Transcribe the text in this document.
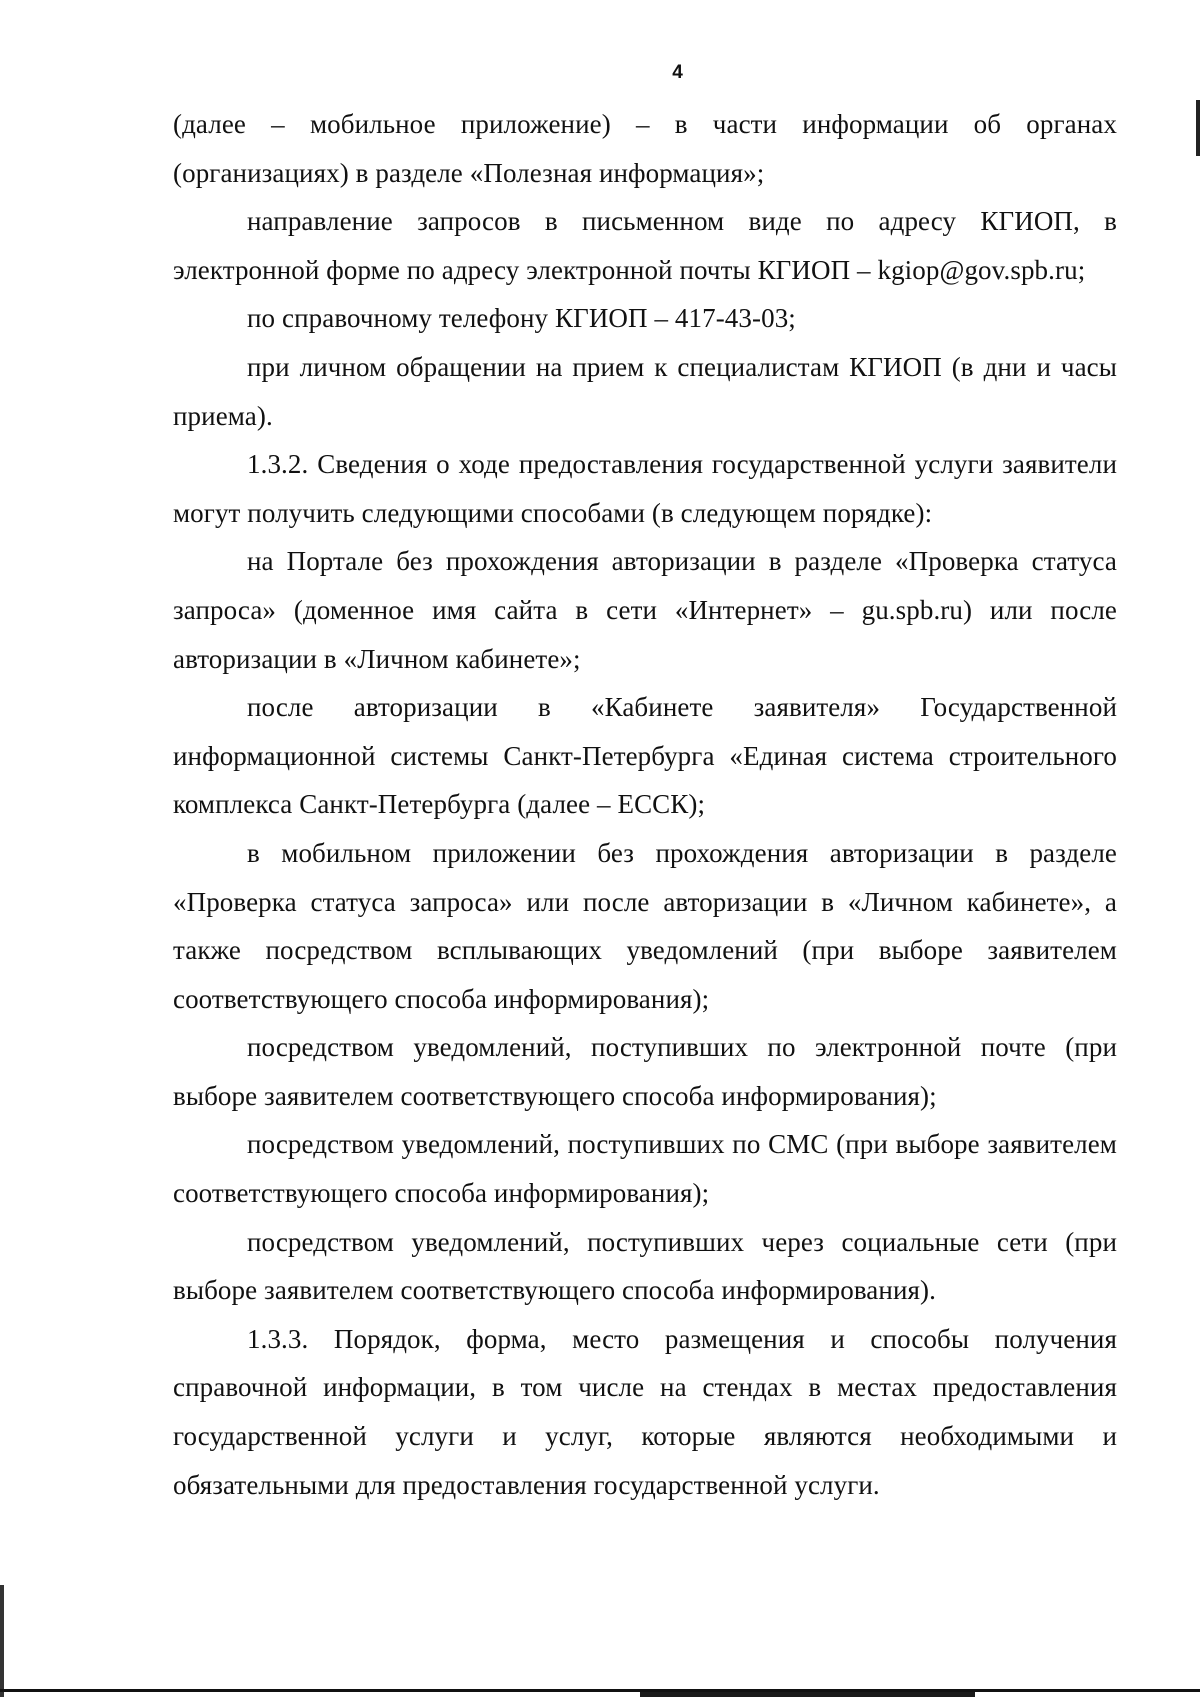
4

(далее – мобильное приложение) – в части информации об органах (организациях) в разделе «Полезная информация»;

направление запросов в письменном виде по адресу КГИОП, в электронной форме по адресу электронной почты КГИОП – kgiop@gov.spb.ru;

по справочному телефону КГИОП – 417-43-03;

при личном обращении на прием к специалистам КГИОП (в дни и часы приема).

1.3.2. Сведения о ходе предоставления государственной услуги заявители могут получить следующими способами (в следующем порядке):

на Портале без прохождения авторизации в разделе «Проверка статуса запроса» (доменное имя сайта в сети «Интернет» – gu.spb.ru) или после авторизации в «Личном кабинете»;

после авторизации в «Кабинете заявителя» Государственной информационной системы Санкт-Петербурга «Единая система строительного комплекса Санкт-Петербурга (далее – ЕССК);

в мобильном приложении без прохождения авторизации в разделе «Проверка статуса запроса» или после авторизации в «Личном кабинете», а также посредством всплывающих уведомлений (при выборе заявителем соответствующего способа информирования);

посредством уведомлений, поступивших по электронной почте (при выборе заявителем соответствующего способа информирования);

посредством уведомлений, поступивших по СМС (при выборе заявителем соответствующего способа информирования);

посредством уведомлений, поступивших через социальные сети (при выборе заявителем соответствующего способа информирования).

1.3.3. Порядок, форма, место размещения и способы получения справочной информации, в том числе на стендах в местах предоставления государственной услуги и услуг, которые являются необходимыми и обязательными для предоставления государственной услуги.
